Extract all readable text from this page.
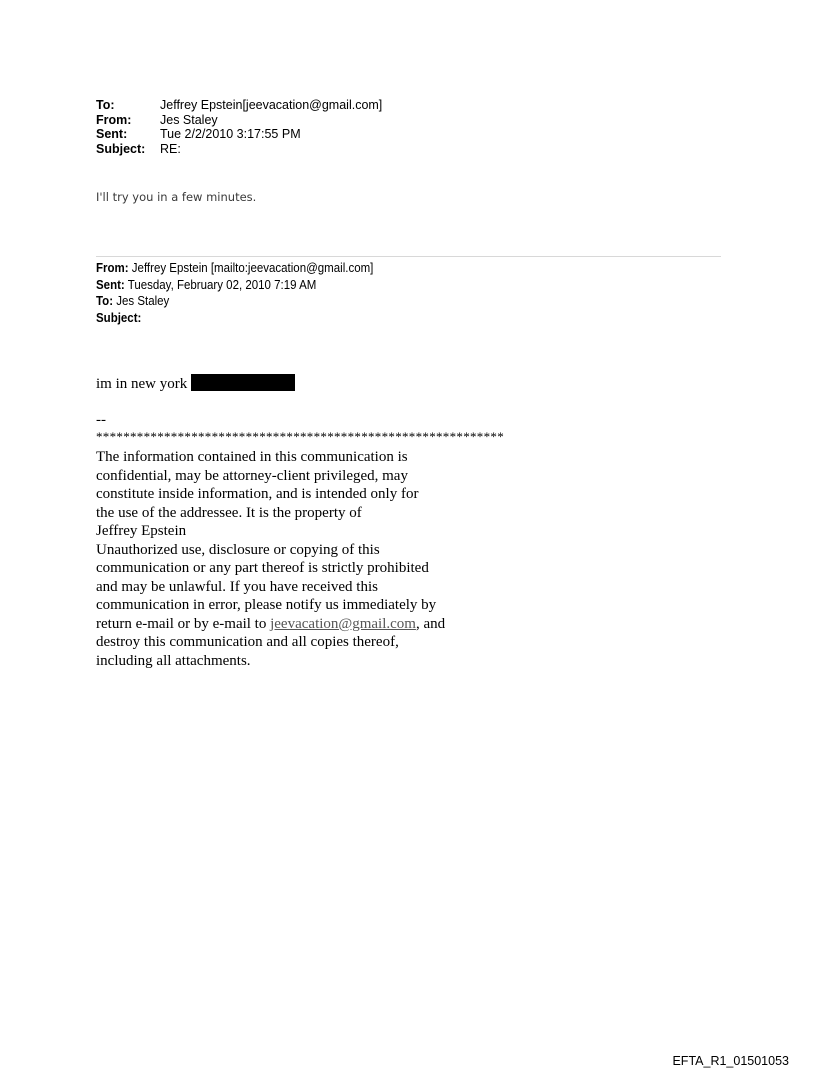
To:	Jeffrey Epstein[jeevacation@gmail.com]
From:	Jes Staley
Sent:	Tue 2/2/2010 3:17:55 PM
Subject:	RE:
I'll try you in a few minutes.
From: Jeffrey Epstein [mailto:jeevacation@gmail.com]
Sent: Tuesday, February 02, 2010 7:19 AM
To: Jes Staley
Subject:
im in new york
--
************************************************************
The information contained in this communication is
confidential, may be attorney-client privileged, may
constitute inside information, and is intended only for
the use of the addressee. It is the property of
Jeffrey Epstein
Unauthorized use, disclosure or copying of this
communication or any part thereof is strictly prohibited
and may be unlawful. If you have received this
communication in error, please notify us immediately by
return e-mail or by e-mail to jeevacation@gmail.com, and
destroy this communication and all copies thereof,
including all attachments.
EFTA_R1_01501053
